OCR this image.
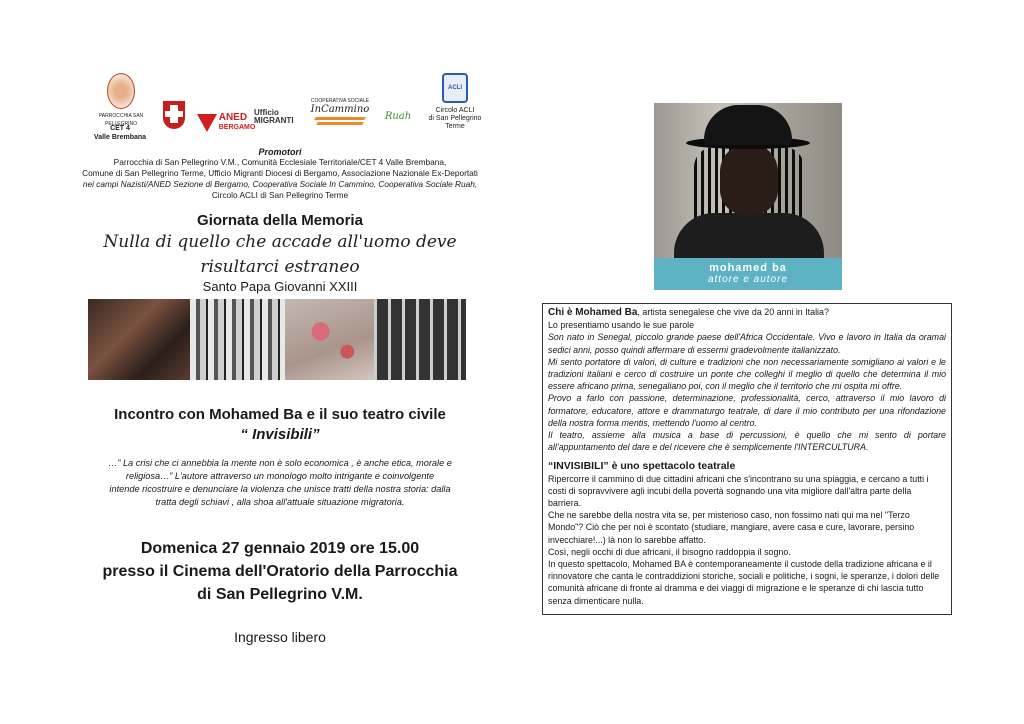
PARROCCHIA SAN PELLEGRINO
CET 4
Valle Brembana
ANED
BERGAMO
Ufficio MIGRANTI
COOPERATIVA SOCIALE
InCammino
Ruah
ACLI
Circolo ACLI
di San Pellegrino Terme
Promotori
Parrocchia di San Pellegrino V.M., Comunità Ecclesiale Territoriale/CET 4 Valle Brembana,
Comune di San Pellegrino Terme, Ufficio Migranti Diocesi di Bergamo, Associazione Nazionale Ex-Deportati
nei campi Nazisti/ANED Sezione di Bergamo, Cooperativa Sociale In Cammino, Cooperativa Sociale Ruah,
Circolo ACLI di San Pellegrino Terme
Giornata della Memoria
Nulla di quello che accade all'uomo deve
risultarci estraneo
Santo Papa Giovanni XXIII
Incontro con Mohamed Ba e il suo teatro civile
“ Invisibili”
…” La crisi che ci annebbia la mente non è solo economica , è anche etica, morale e
religiosa…” L'autore attraverso un monologo molto intrigante e coinvolgente
intende ricostruire e denunciare la violenza che unisce tratti della nostra storia: dalla
tratta degli schiavi , alla shoa all'attuale situazione migratoria.
Domenica 27 gennaio 2019 ore 15.00
presso il Cinema dell'Oratorio della Parrocchia
di San Pellegrino V.M.
Ingresso libero
mohamed ba
attore e autore

Chi è Mohamed Ba, artista senegalese che vive da 20 anni in Italia?

Lo presentiamo usando le sue parole

Son nato in Senegal, piccolo grande paese dell'Africa Occidentale. Vivo e lavoro in Italia da oramai sedici anni, posso quindi affermare di essermi gradevolmente italianizzato.

Mi sento portatore di valori, di culture e tradizioni che non necessariamente somigliano ai valori e le tradizioni italiani e cerco di costruire un ponte che colleghi il meglio di quello che determina il mio essere africano prima, senegaliano poi, con il meglio che il territorio che mi ospita mi offre.

Provo a farlo con passione, determinazione, professionalità, cerco, attraverso il mio lavoro di formatore, educatore, attore e drammaturgo teatrale, di dare il mio contributo per una rifondazione della nostra forma mentis, mettendo l'uomo al centro.

Il teatro, assieme alla musica a base di percussioni, è quello che mi sento di portare all'appuntamento del dare e del ricevere che è semplicemente l'INTERCULTURA.

“INVISIBILI” è uno spettacolo teatrale

Ripercorre il cammino di due cittadini africani che s'incontrano su una spiaggia, e cercano a tutti i costi di sopravvivere agli incubi della povertà sognando una vita migliore dall'altra parte della barriera.

Che ne sarebbe della nostra vita se, per misterioso caso, non fossimo nati qui ma nel "Terzo Mondo"? Ciò che per noi è scontato (studiare, mangiare, avere casa e cure, lavorare, persino invecchiare!...) là non lo sarebbe affatto.

Così, negli occhi di due africani, il bisogno raddoppia il sogno.

In questo spettacolo, Mohamed BA è contemporaneamente il custode della tradizione africana e il rinnovatore che canta le contraddizioni storiche, sociali e politiche, i sogni, le speranze, i dolori delle comunità africane di fronte al dramma e dei viaggi di migrazione e le speranze di chi lascia tutto senza dimenticare nulla.
